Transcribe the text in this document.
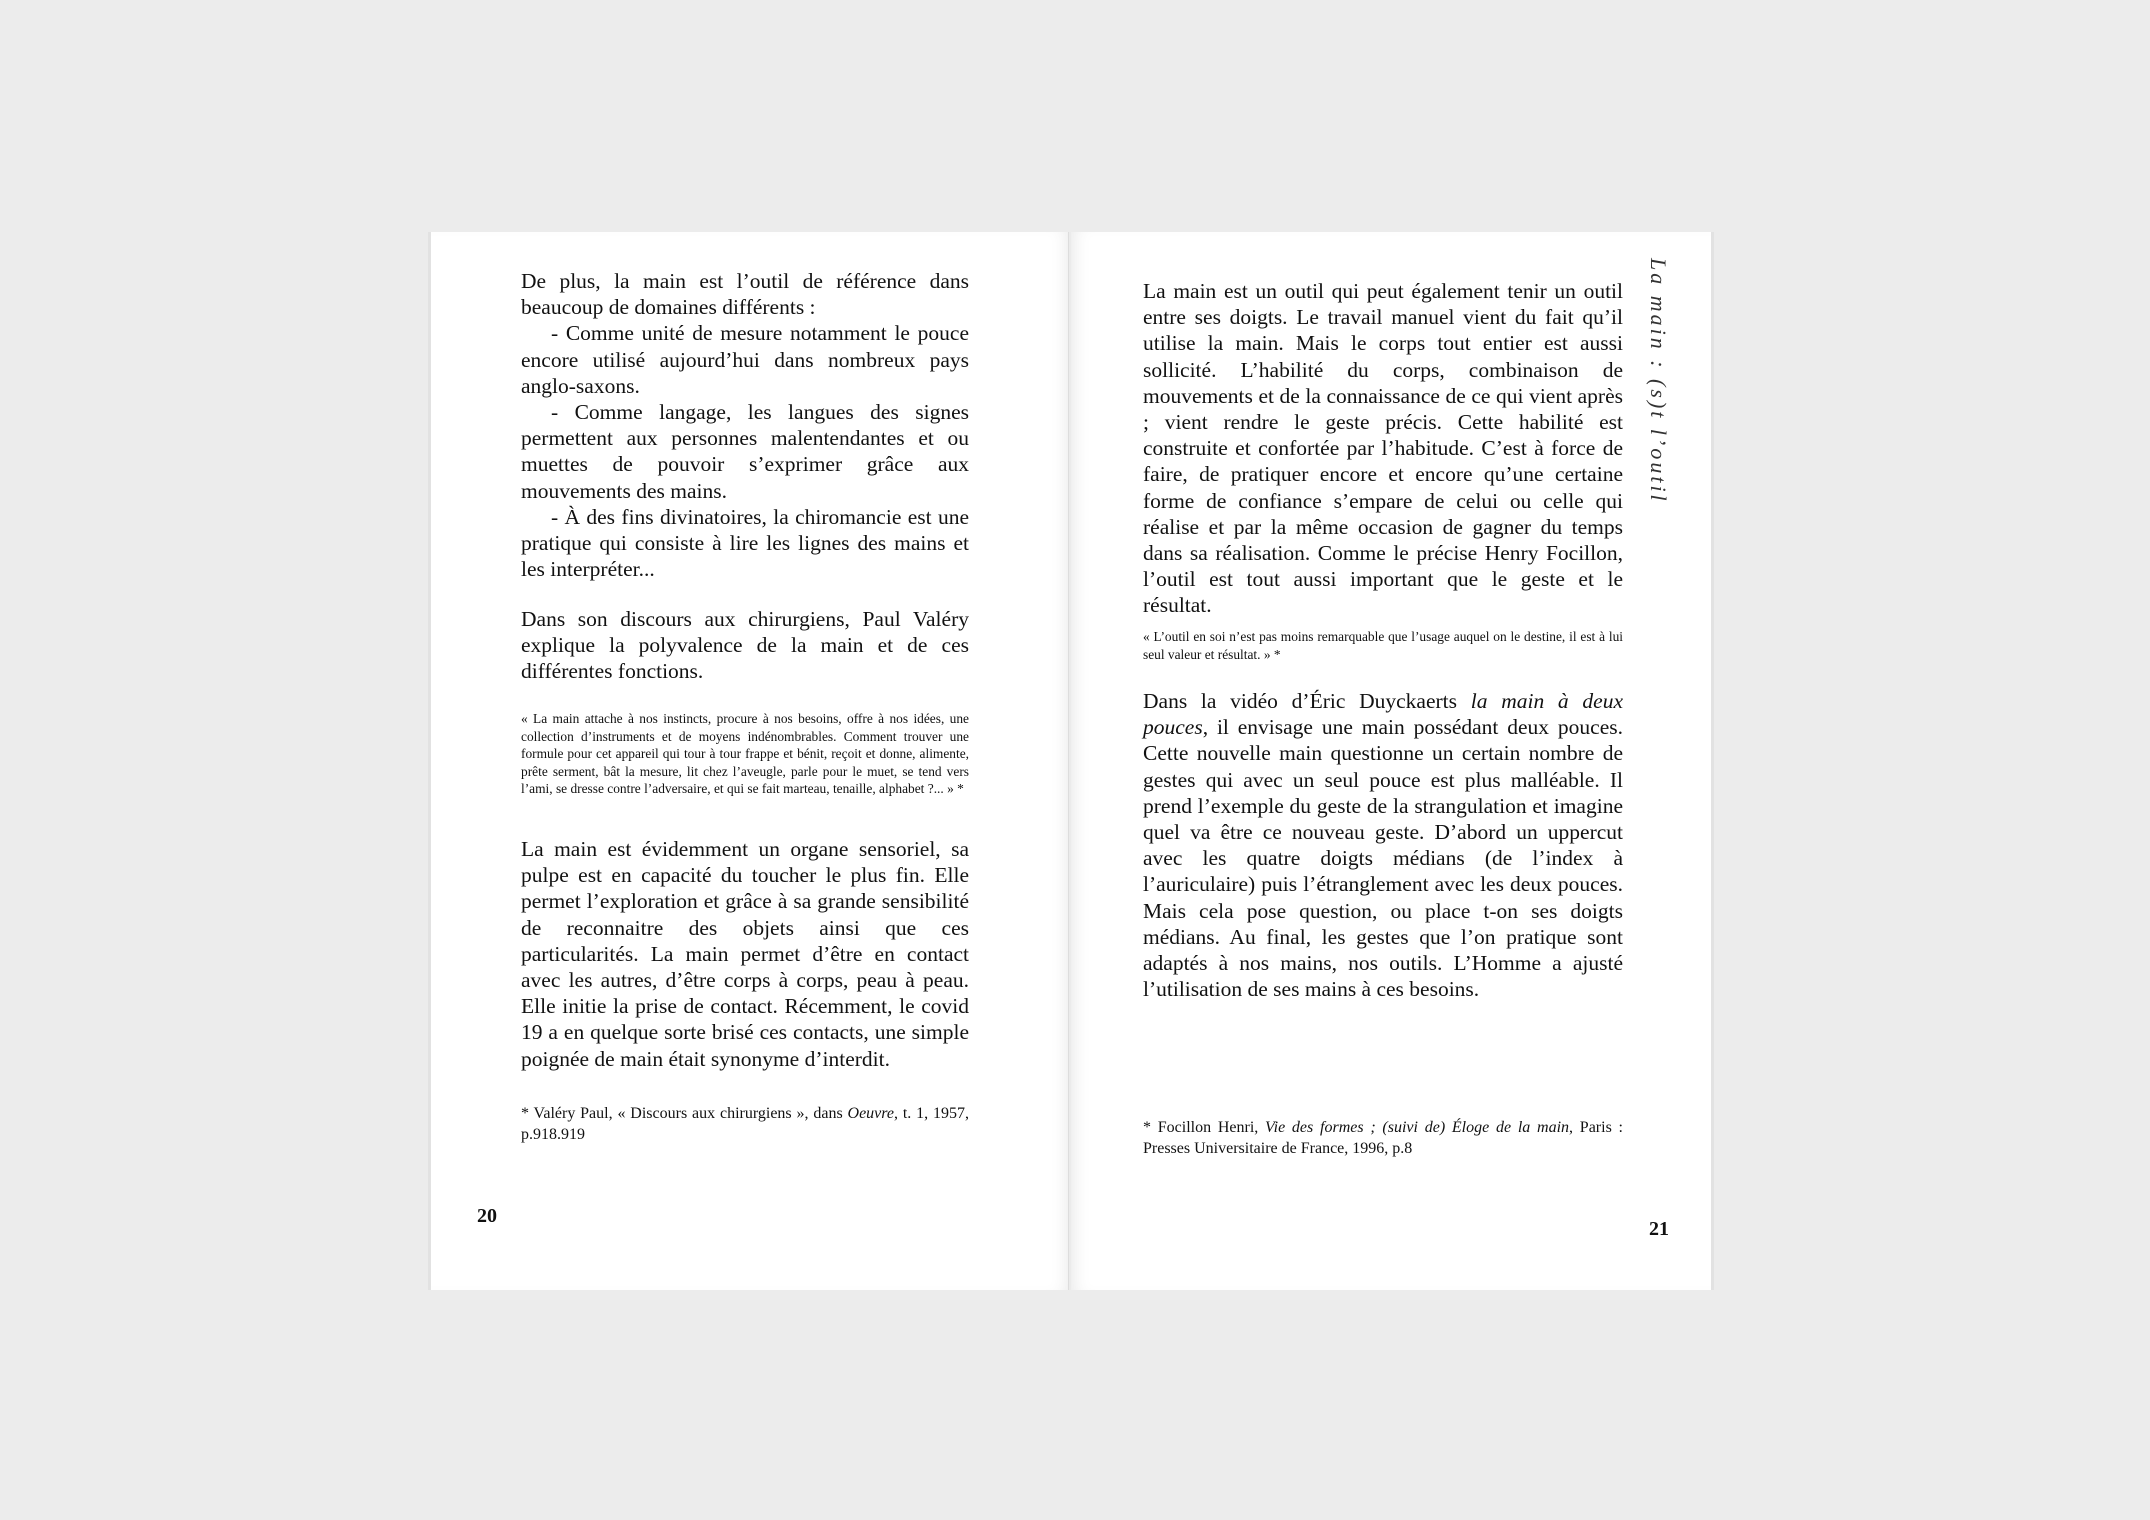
De plus, la main est l’outil de référence dans beaucoup de domaines différents :

- Comme unité de mesure notamment le pouce encore utilisé aujourd’hui dans nombreux pays anglo-saxons.

- Comme langage, les langues des signes permettent aux personnes malentendantes et ou muettes de pouvoir s’exprimer grâce aux mouvements des mains.

- À des fins divinatoires, la chiromancie est une pratique qui consiste à lire les lignes des mains et les interpréter...

Dans son discours aux chirurgiens, Paul Valéry explique la polyvalence de la main et de ces différentes fonctions.

« La main attache à nos instincts, procure à nos besoins, offre à nos idées, une collection d’instruments et de moyens indénombrables. Comment trouver une formule pour cet appareil qui tour à tour frappe et bénit, reçoit et donne, alimente, prête serment, bât la mesure, lit chez l’aveugle, parle pour le muet, se tend vers l’ami, se dresse contre l’adversaire, et qui se fait marteau, tenaille, alphabet ?... » *

La main est évidemment un organe sensoriel, sa pulpe est en capacité du toucher le plus fin. Elle permet l’exploration et grâce à sa grande sensibilité de reconnaitre des objets ainsi que ces particularités. La main permet d’être en contact avec les autres, d’être corps à corps, peau à peau. Elle initie la prise de contact. Récemment, le covid 19 a en quelque sorte brisé ces contacts, une simple poignée de main était synonyme d’interdit.

* Valéry Paul, « Discours aux chirurgiens », dans Oeuvre, t. 1, 1957, p.918.919

20

La main : (s)t l’outil

La main est un outil qui peut également tenir un outil entre ses doigts. Le travail manuel vient du fait qu’il utilise la main. Mais le corps tout entier est aussi sollicité. L’habilité du corps, combinaison de mouvements et de la connaissance de ce qui vient après ; vient rendre le geste précis. Cette habilité est construite et confortée par l’habitude. C’est à force de faire, de pratiquer encore et encore qu’une certaine forme de confiance s’empare de celui ou celle qui réalise et par la même occasion de gagner du temps dans sa réalisation. Comme le précise Henry Focillon, l’outil est tout aussi important que le geste et le résultat.

« L’outil en soi n’est pas moins remarquable que l’usage auquel on le destine, il est à lui seul valeur et résultat. » *

Dans la vidéo d’Éric Duyckaerts la main à deux pouces, il envisage une main possédant deux pouces. Cette nouvelle main questionne un certain nombre de gestes qui avec un seul pouce est plus malléable. Il prend l’exemple du geste de la strangulation et imagine quel va être ce nouveau geste. D’abord un uppercut avec les quatre doigts médians (de l’index à l’auriculaire) puis l’étranglement avec les deux pouces. Mais cela pose question, ou place t-on ses doigts médians. Au final, les gestes que l’on pratique sont adaptés à nos mains, nos outils. L’Homme a ajusté l’utilisation de ses mains à ces besoins.

* Focillon Henri, Vie des formes ; (suivi de) Éloge de la main, Paris : Presses Universitaire de France, 1996, p.8

21
